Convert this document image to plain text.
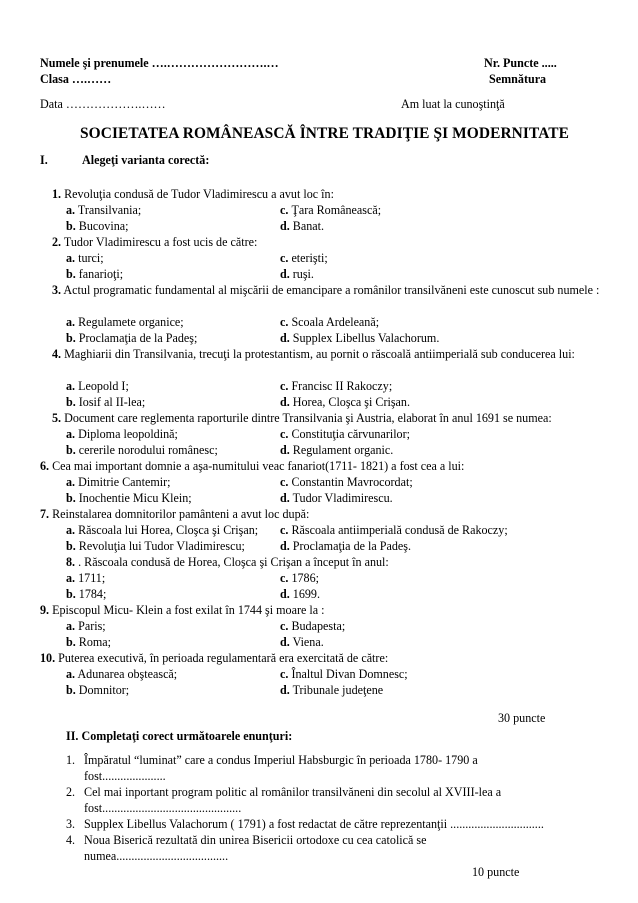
Numele şi prenumele ….…………………….…	Nr. Puncte .....
Clasa ….……	Semnătura
Data ……………….……	Am luat la cunoştinţă
SOCIETATEA ROMÂNEASCĂ ÎNTRE TRADIŢIE ŞI MODERNITATE
I.	Alegeţi varianta corectă:
1. Revoluţia condusă de Tudor Vladimirescu a avut loc în:
a. Transilvania;	c. Ţara Românească;
b. Bucovina;	d. Banat.
2. Tudor Vladimirescu a fost ucis de către:
a. turci;	c. eterişti;
b. fanarioţi;	d. ruşi.
3. Actul programatic fundamental al mişcării de emancipare a românilor transilvăneni este cunoscut sub numele :
a. Regulamete organice;	c. Scoala Ardeleană;
b. Proclamaţia de la Padeş;	d. Supplex Libellus Valachorum.
4. Maghiarii din Transilvania, trecuţi la protestantism, au pornit o răscoală antiimperială sub conducerea lui:
a. Leopold I;	c. Francisc II Rakoczy;
b. Iosif al II-lea;	d. Horea, Cloşca şi Crişan.
5. Document care reglementa raporturile dintre Transilvania şi Austria, elaborat în anul 1691 se numea:
a. Diploma leopoldină;	c. Constituţia cărvunarilor;
b. cererile norodului românesc;	d. Regulament organic.
6. Cea mai important domnie a aşa-numitului veac fanariot(1711- 1821) a fost cea a lui:
a. Dimitrie Cantemir;	c. Constantin Mavrocordat;
b. Inochentie Micu Klein;	d. Tudor Vladimirescu.
7. Reinstalarea domnitorilor pamânteni a avut loc după:
a. Răscoala lui Horea, Cloşca şi Crişan; c. Răscoala antiimperială condusă de Rakoczy;
b. Revoluţia lui Tudor Vladimirescu;	d. Proclamaţia de la Padeş.
8. . Răscoala condusă de Horea, Cloşca şi Crişan a început în anul:
a. 1711;	c. 1786;
b. 1784;	d. 1699.
9. Episcopul Micu- Klein a fost exilat în 1744 şi moare la :
a. Paris;	c. Budapesta;
b. Roma;	d. Viena.
10. Puterea executivă, în perioada regulamentară era exercitată de către:
a. Adunarea obştească;	c. Înaltul Divan Domnesc;
b. Domnitor;	d. Tribunale judeţene
30 puncte
II. Completaţi corect următoarele enunţuri:
1. Împăratul “luminat” care a condus Imperiul Habsburgic în perioada 1780- 1790 a
fost.....................
2. Cel mai inportant program politic al românilor transilvăneni din secolul al XVIII-lea a
fost..............................................
3. Supplex Libellus Valachorum ( 1791) a fost redactat de către reprezentanţii ...............................
4. Noua Biserică rezultată din unirea Bisericii ortodoxe cu cea catolică se
numea.....................................
10 puncte
